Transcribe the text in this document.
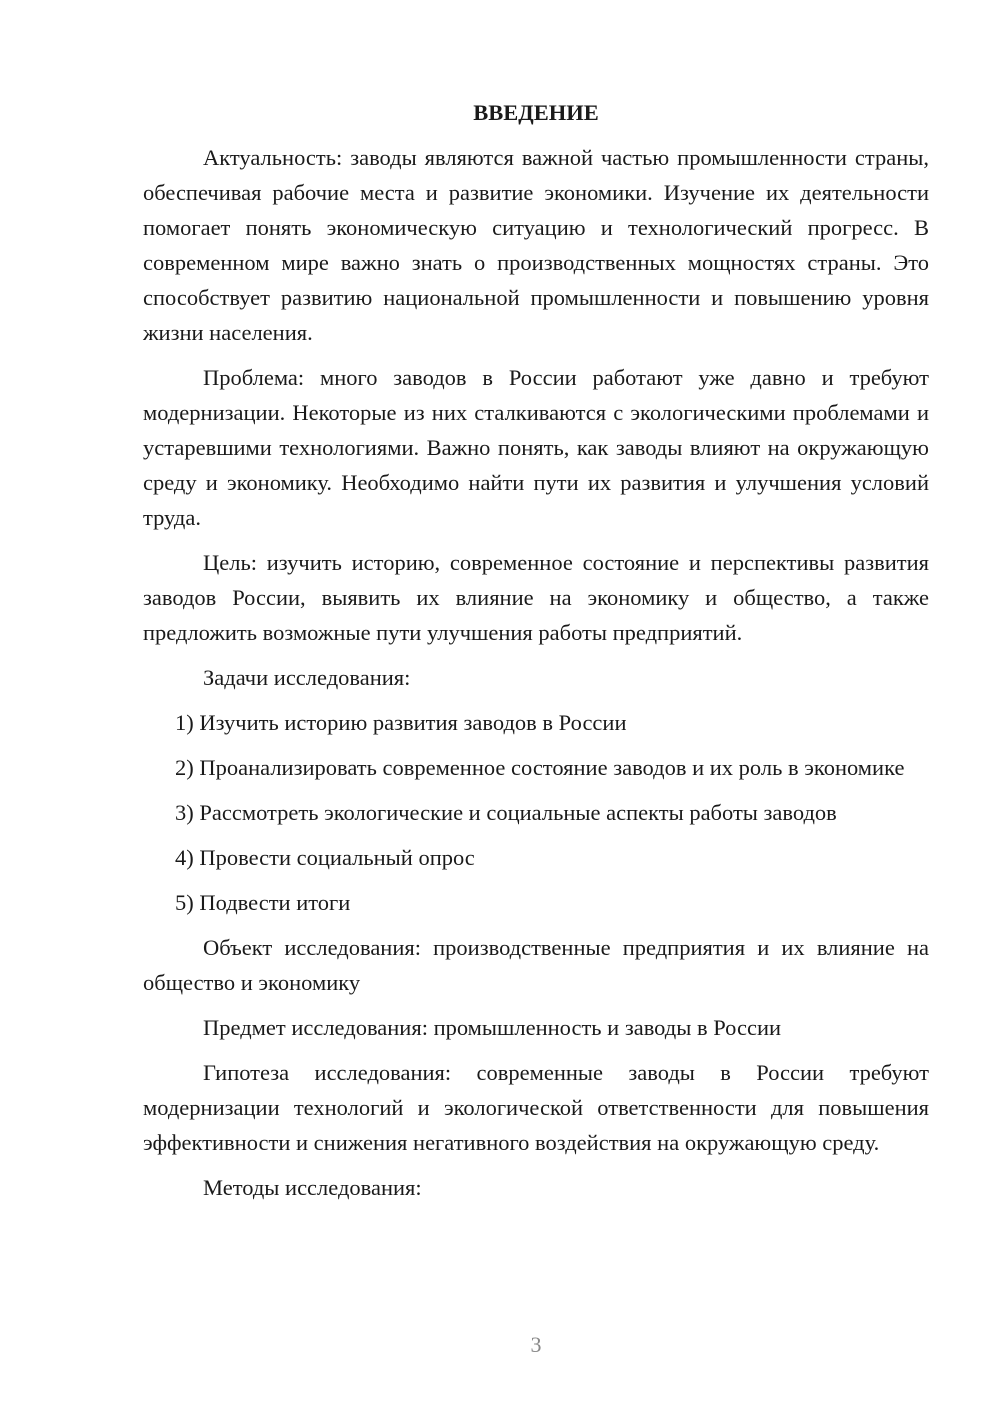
ВВЕДЕНИЕ

Актуальность: заводы являются важной частью промышленности страны, обеспечивая рабочие места и развитие экономики. Изучение их деятельности помогает понять экономическую ситуацию и технологический прогресс. В современном мире важно знать о производственных мощностях страны. Это способствует развитию национальной промышленности и повышению уровня жизни населения.

Проблема: много заводов в России работают уже давно и требуют модернизации. Некоторые из них сталкиваются с экологическими проблемами и устаревшими технологиями. Важно понять, как заводы влияют на окружающую среду и экономику. Необходимо найти пути их развития и улучшения условий труда.

Цель: изучить историю, современное состояние и перспективы развития заводов России, выявить их влияние на экономику и общество, а также предложить возможные пути улучшения работы предприятий.

Задачи исследования:

1) Изучить историю развития заводов в России

2) Проанализировать современное состояние заводов и их роль в экономике

3) Рассмотреть экологические и социальные аспекты работы заводов

4) Провести социальный опрос

5) Подвести итоги

Объект исследования: производственные предприятия и их влияние на общество и экономику

Предмет исследования: промышленность и заводы в России

Гипотеза исследования: современные заводы в России требуют модернизации технологий и экологической ответственности для повышения эффективности и снижения негативного воздействия на окружающую среду.

Методы исследования:

3
